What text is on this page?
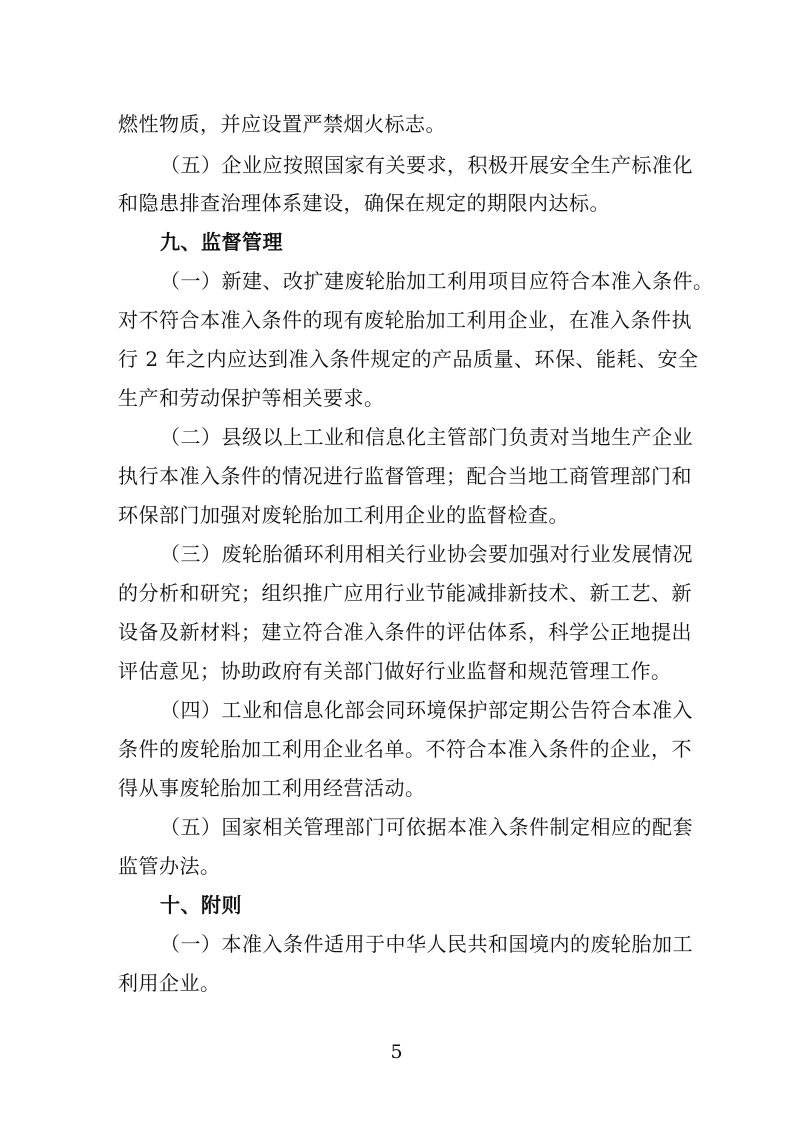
燃性物质，并应设置严禁烟火标志。
（五）企业应按照国家有关要求，积极开展安全生产标准化
和隐患排查治理体系建设，确保在规定的期限内达标。
九、监督管理
（一）新建、改扩建废轮胎加工利用项目应符合本准入条件。
对不符合本准入条件的现有废轮胎加工利用企业，在准入条件执
行 2 年之内应达到准入条件规定的产品质量、环保、能耗、安全
生产和劳动保护等相关要求。
（二）县级以上工业和信息化主管部门负责对当地生产企业
执行本准入条件的情况进行监督管理；配合当地工商管理部门和
环保部门加强对废轮胎加工利用企业的监督检查。
（三）废轮胎循环利用相关行业协会要加强对行业发展情况
的分析和研究；组织推广应用行业节能减排新技术、新工艺、新
设备及新材料；建立符合准入条件的评估体系，科学公正地提出
评估意见；协助政府有关部门做好行业监督和规范管理工作。
（四）工业和信息化部会同环境保护部定期公告符合本准入
条件的废轮胎加工利用企业名单。不符合本准入条件的企业，不
得从事废轮胎加工利用经营活动。
（五）国家相关管理部门可依据本准入条件制定相应的配套
监管办法。
十、附则
（一）本准入条件适用于中华人民共和国境内的废轮胎加工
利用企业。
5
